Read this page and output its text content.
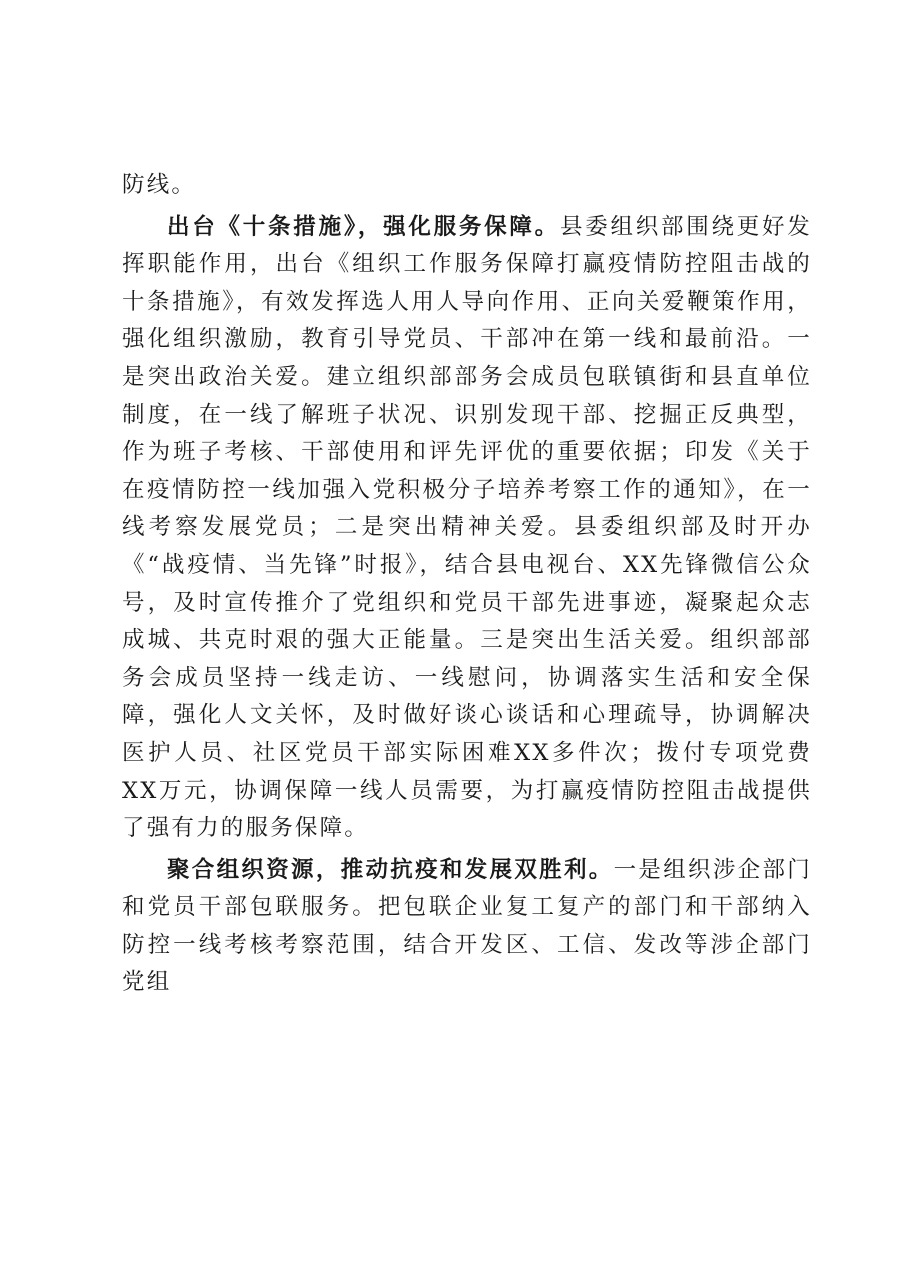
防线。

出台《十条措施》，强化服务保障。县委组织部围绕更好发挥职能作用，出台《组织工作服务保障打赢疫情防控阻击战的十条措施》，有效发挥选人用人导向作用、正向关爱鞭策作用，强化组织激励，教育引导党员、干部冲在第一线和最前沿。一是突出政治关爱。建立组织部部务会成员包联镇街和县直单位制度，在一线了解班子状况、识别发现干部、挖掘正反典型，作为班子考核、干部使用和评先评优的重要依据；印发《关于在疫情防控一线加强入党积极分子培养考察工作的通知》，在一线考察发展党员；二是突出精神关爱。县委组织部及时开办《“战疫情、当先锋”时报》，结合县电视台、XX先锋微信公众号，及时宣传推介了党组织和党员干部先进事迹，凝聚起众志成城、共克时艰的强大正能量。三是突出生活关爱。组织部部务会成员坚持一线走访、一线慰问，协调落实生活和安全保障，强化人文关怀，及时做好谈心谈话和心理疏导，协调解决医护人员、社区党员干部实际困难XX多件次；拨付专项党费XX万元，协调保障一线人员需要，为打赢疫情防控阻击战提供了强有力的服务保障。

聚合组织资源，推动抗疫和发展双胜利。一是组织涉企部门和党员干部包联服务。把包联企业复工复产的部门和干部纳入防控一线考核考察范围，结合开发区、工信、发改等涉企部门党组
